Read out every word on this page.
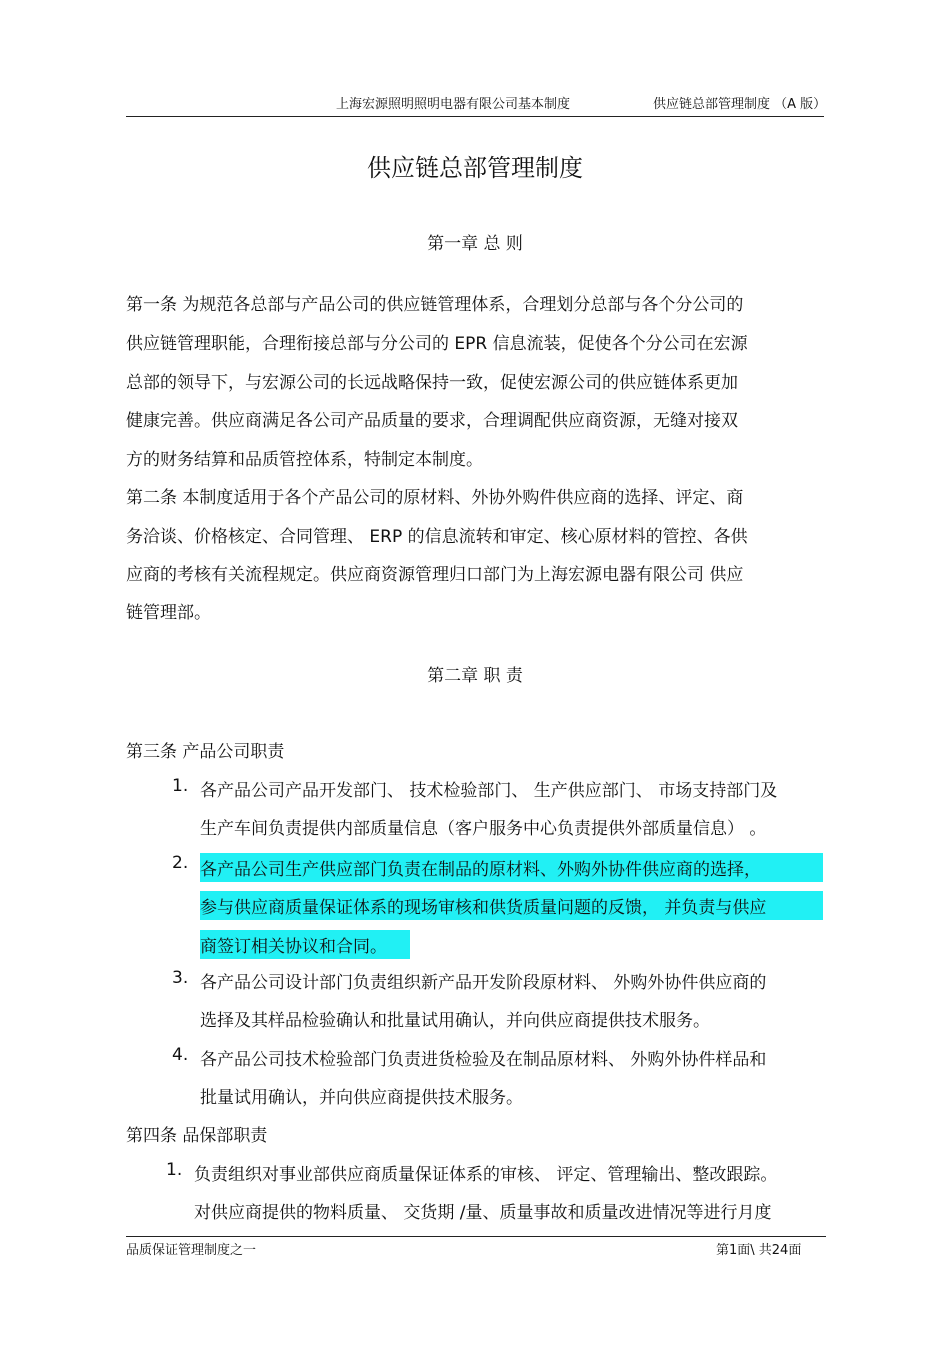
上海宏源照明照明电器有限公司基本制度	供应链总部管理制度 （A 版）
供应链总部管理制度
第一章 总 则
第一条 为规范各总部与产品公司的供应链管理体系，合理划分总部与各个分公司的
供应链管理职能，合理衔接总部与分公司的 EPR 信息流装，促使各个分公司在宏源
总部的领导下，与宏源公司的长远战略保持一致，促使宏源公司的供应链体系更加
健康完善。供应商满足各公司产品质量的要求，合理调配供应商资源，无缝对接双
方的财务结算和品质管控体系，特制定本制度。
第二条 本制度适用于各个产品公司的原材料、外协外购件供应商的选择、评定、商
务洽谈、价格核定、合同管理、 ERP 的信息流转和审定、核心原材料的管控、各供
应商的考核有关流程规定。供应商资源管理归口部门为上海宏源电器有限公司 供应
链管理部。
第二章 职 责
第三条 产品公司职责
1. 各产品公司产品开发部门、 技术检验部门、 生产供应部门、 市场支持部门及
生产车间负责提供内部质量信息（客户服务中心负责提供外部质量信息） 。
2. 各产品公司生产供应部门负责在制品的原材料、外购外协件供应商的选择，
参与供应商质量保证体系的现场审核和供货质量问题的反馈， 并负责与供应
商签订相关协议和合同。
3. 各产品公司设计部门负责组织新产品开发阶段原材料、 外购外协件供应商的
选择及其样品检验确认和批量试用确认，并向供应商提供技术服务。
4. 各产品公司技术检验部门负责进货检验及在制品原材料、 外购外协件样品和
批量试用确认，并向供应商提供技术服务。
第四条 品保部职责
1. 负责组织对事业部供应商质量保证体系的审核、 评定、管理输出、整改跟踪。
对供应商提供的物料质量、 交货期 /量、质量事故和质量改进情况等进行月度
品质保证管理制度之一	第1面\ 共24面
